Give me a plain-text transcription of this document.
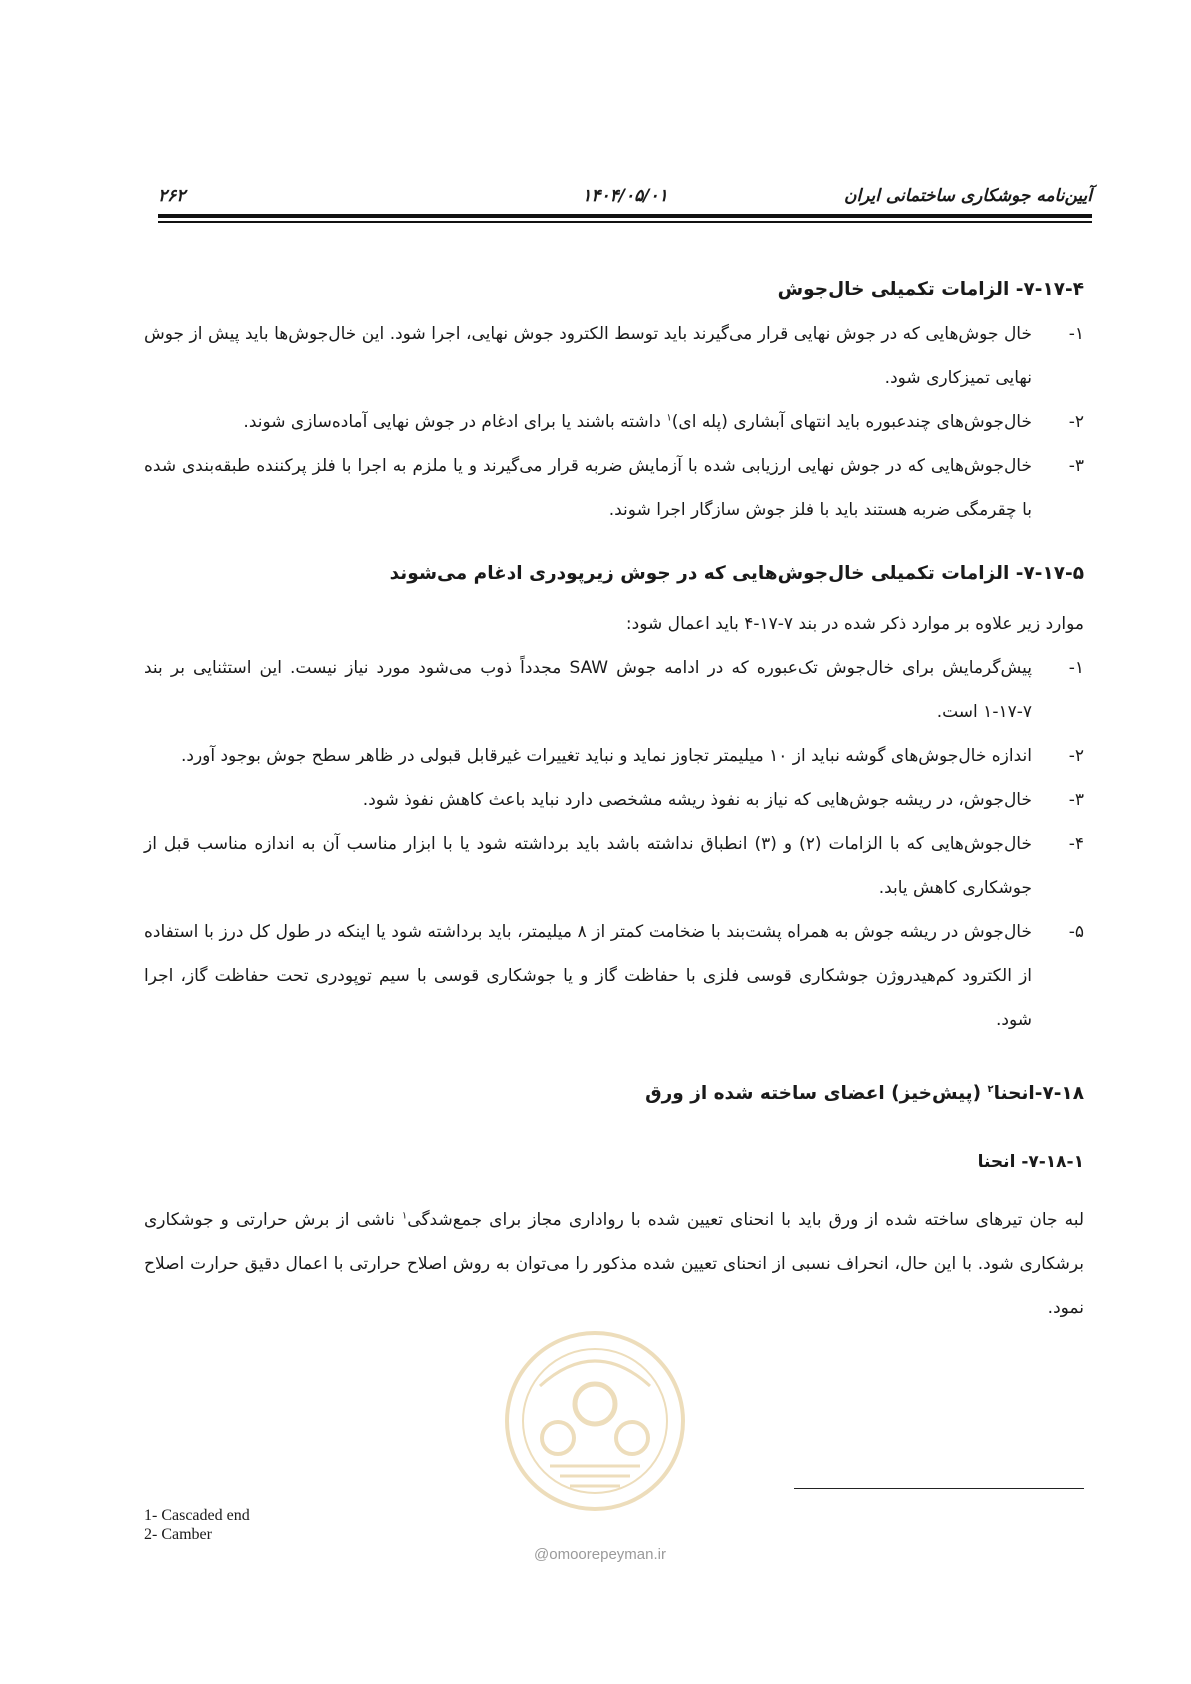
۲۶۲	۱۴۰۴/۰۵/۰۱	آیین‌نامه جوشکاری ساختمانی ایران

۷-۱۷-۴- الزامات تکمیلی خال‌جوش

۱-
خال جوش‌هایی که در جوش نهایی قرار می‌گیرند باید توسط الکترود جوش نهایی، اجرا شود. این خال‌جوش‌ها باید پیش از جوش نهایی تمیزکاری شود.
۲-
خال‌جوش‌های چندعبوره باید انتهای آبشاری (پله ای)$^۱$ داشته باشند یا برای ادغام در جوش نهایی آماده‌سازی شوند.
۳-
خال‌جوش‌هایی که در جوش نهایی ارزیابی شده با آزمایش ضربه قرار می‌گیرند و یا ملزم به اجرا با فلز پرکننده طبقه‌بندی شده با چقرمگی ضربه هستند باید با فلز جوش سازگار اجرا شوند.

۷-۱۷-۵- الزامات تکمیلی خال‌جوش‌هایی که در جوش زیرپودری ادغام می‌شوند

موارد زیر علاوه بر موارد ذکر شده در بند ۷-۱۷-۴ باید اعمال شود:

۱-
پیش‌گرمایش برای خال‌جوش تک‌عبوره که در ادامه جوش SAW مجدداً ذوب می‌شود مورد نیاز نیست. این استثنایی بر بند ۷-۱۷-۱ است.
۲-
اندازه خال‌جوش‌های گوشه نباید از ۱۰ میلیمتر تجاوز نماید و نباید تغییرات غیرقابل قبولی در ظاهر سطح جوش بوجود آورد.
۳-
خال‌جوش، در ریشه جوش‌هایی که نیاز به نفوذ ریشه مشخصی دارد نباید باعث کاهش نفوذ شود.
۴-
خال‌جوش‌هایی که با الزامات (۲) و (۳) انطباق نداشته باشد باید برداشته شود یا با ابزار مناسب آن به اندازه مناسب قبل از جوشکاری کاهش یابد.
۵-
خال‌جوش در ریشه جوش به همراه پشت‌بند با ضخامت کمتر از ۸ میلیمتر، باید برداشته شود یا اینکه در طول کل درز با استفاده از الکترود کم‌هیدروژن جوشکاری قوسی فلزی با حفاظت گاز و یا جوشکاری قوسی با سیم توپودری تحت حفاظت گاز، اجرا شود.

۷-۱۸-انحنا$^۲$ (پیش‌خیز) اعضای ساخته شده از ورق

۷-۱۸-۱- انحنا

لبه جان تیرهای ساخته شده از ورق باید با انحنای تعیین شده با رواداری مجاز برای جمع‌شدگی$^۱$ ناشی از برش حرارتی و جوشکاری برشکاری شود. با این حال، انحراف نسبی از انحنای تعیین شده مذکور را می‌توان به روش اصلاح حرارتی با اعمال دقیق حرارت اصلاح نمود.

@omoorepeyman.ir
1- Cascaded end
2- Camber
